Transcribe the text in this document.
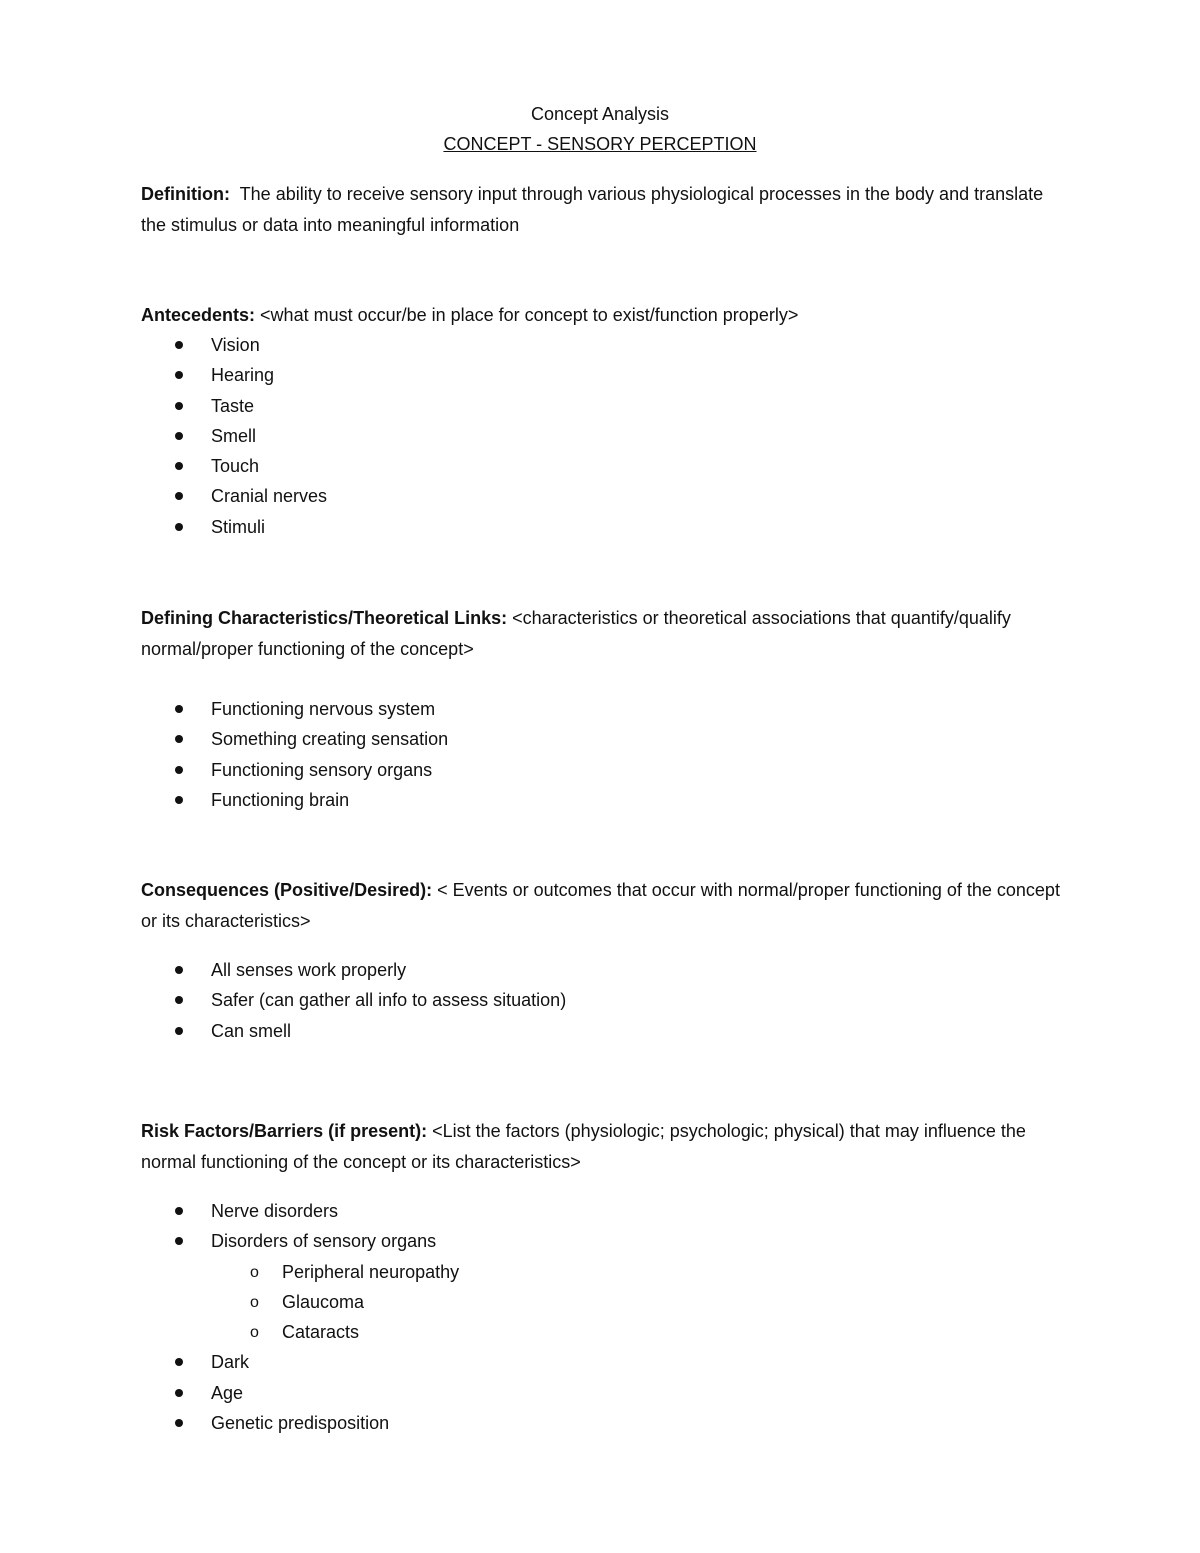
Concept Analysis
CONCEPT - SENSORY PERCEPTION

Definition: The ability to receive sensory input through various physiological processes in the body and translate the stimulus or data into meaningful information

Antecedents: <what must occur/be in place for concept to exist/function properly>

Vision
Hearing
Taste
Smell
Touch
Cranial nerves
Stimuli

Defining Characteristics/Theoretical Links: <characteristics or theoretical associations that quantify/qualify normal/proper functioning of the concept>

Functioning nervous system
Something creating sensation
Functioning sensory organs
Functioning brain

Consequences (Positive/Desired): < Events or outcomes that occur with normal/proper functioning of the concept or its characteristics>

All senses work properly
Safer (can gather all info to assess situation)
Can smell

Risk Factors/Barriers (if present): <List the factors (physiologic; psychologic; physical) that may influence the normal functioning of the concept or its characteristics>

Nerve disorders
Disorders of sensory organs
o Peripheral neuropathy
o Glaucoma
o Cataracts
Dark
Age
Genetic predisposition
